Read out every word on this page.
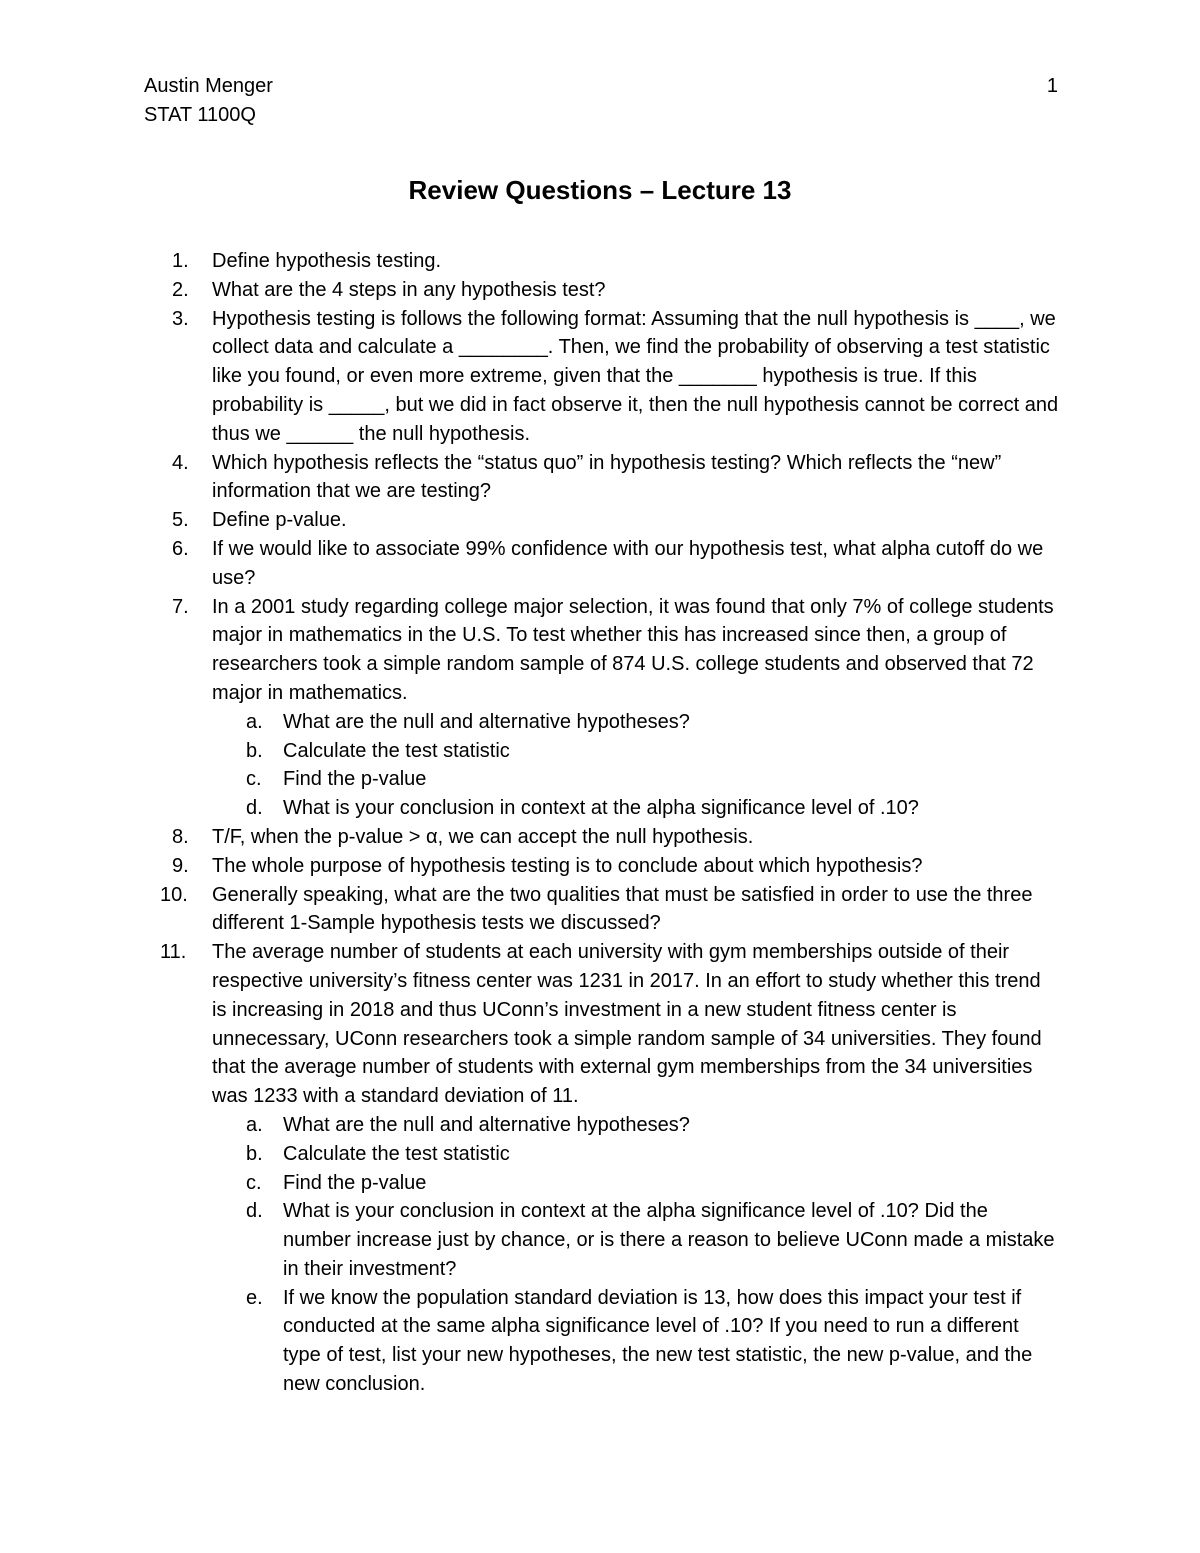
Austin Menger
STAT 1100Q
1
Review Questions – Lecture 13
1. Define hypothesis testing.
2. What are the 4 steps in any hypothesis test?
3. Hypothesis testing is follows the following format: Assuming that the null hypothesis is ____, we collect data and calculate a ________. Then, we find the probability of observing a test statistic like you found, or even more extreme, given that the _______ hypothesis is true. If this probability is _____, but we did in fact observe it, then the null hypothesis cannot be correct and thus we ______ the null hypothesis.
4. Which hypothesis reflects the “status quo” in hypothesis testing? Which reflects the “new” information that we are testing?
5. Define p-value.
6. If we would like to associate 99% confidence with our hypothesis test, what alpha cutoff do we use?
7. In a 2001 study regarding college major selection, it was found that only 7% of college students major in mathematics in the U.S. To test whether this has increased since then, a group of researchers took a simple random sample of 874 U.S. college students and observed that 72 major in mathematics.
a. What are the null and alternative hypotheses?
b. Calculate the test statistic
c. Find the p-value
d. What is your conclusion in context at the alpha significance level of .10?
8. T/F, when the p-value > α, we can accept the null hypothesis.
9. The whole purpose of hypothesis testing is to conclude about which hypothesis?
10. Generally speaking, what are the two qualities that must be satisfied in order to use the three different 1-Sample hypothesis tests we discussed?
11. The average number of students at each university with gym memberships outside of their respective university’s fitness center was 1231 in 2017. In an effort to study whether this trend is increasing in 2018 and thus UConn’s investment in a new student fitness center is unnecessary, UConn researchers took a simple random sample of 34 universities. They found that the average number of students with external gym memberships from the 34 universities was 1233 with a standard deviation of 11.
a. What are the null and alternative hypotheses?
b. Calculate the test statistic
c. Find the p-value
d. What is your conclusion in context at the alpha significance level of .10? Did the number increase just by chance, or is there a reason to believe UConn made a mistake in their investment?
e. If we know the population standard deviation is 13, how does this impact your test if conducted at the same alpha significance level of .10? If you need to run a different type of test, list your new hypotheses, the new test statistic, the new p-value, and the new conclusion.
